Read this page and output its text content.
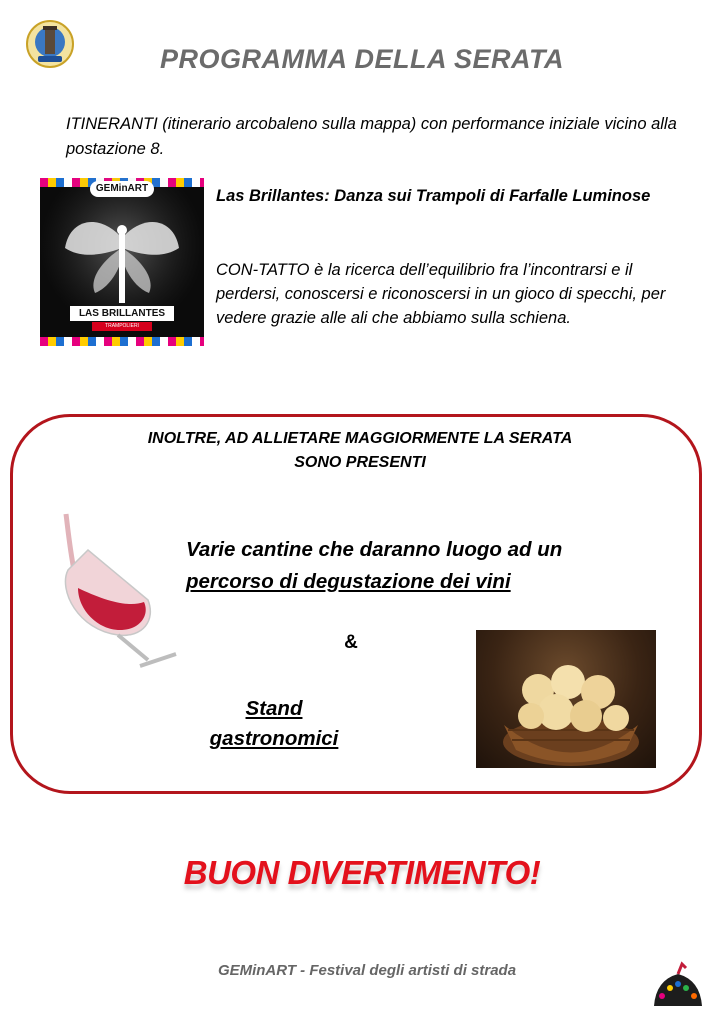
PROGRAMMA DELLA SERATA
ITINERANTI (itinerario arcobaleno sulla mappa) con performance iniziale vicino alla postazione 8.
GEMinART
LAS BRILLANTES
TRAMPOLIERI
Las Brillantes: Danza sui Trampoli di Farfalle Luminose
CON-TATTO è la ricerca dell’equilibrio fra l’incontrarsi e il perdersi, conoscersi e riconoscersi in un gioco di specchi, per vedere grazie alle ali che abbiamo sulla schiena.
INOLTRE, AD ALLIETARE MAGGIORMENTE LA SERATA
SONO PRESENTI
Varie cantine che daranno luogo ad un
percorso di degustazione dei vini
&
Stand
gastronomici
BUON DIVERTIMENTO!
GEMinART - Festival degli artisti di strada
